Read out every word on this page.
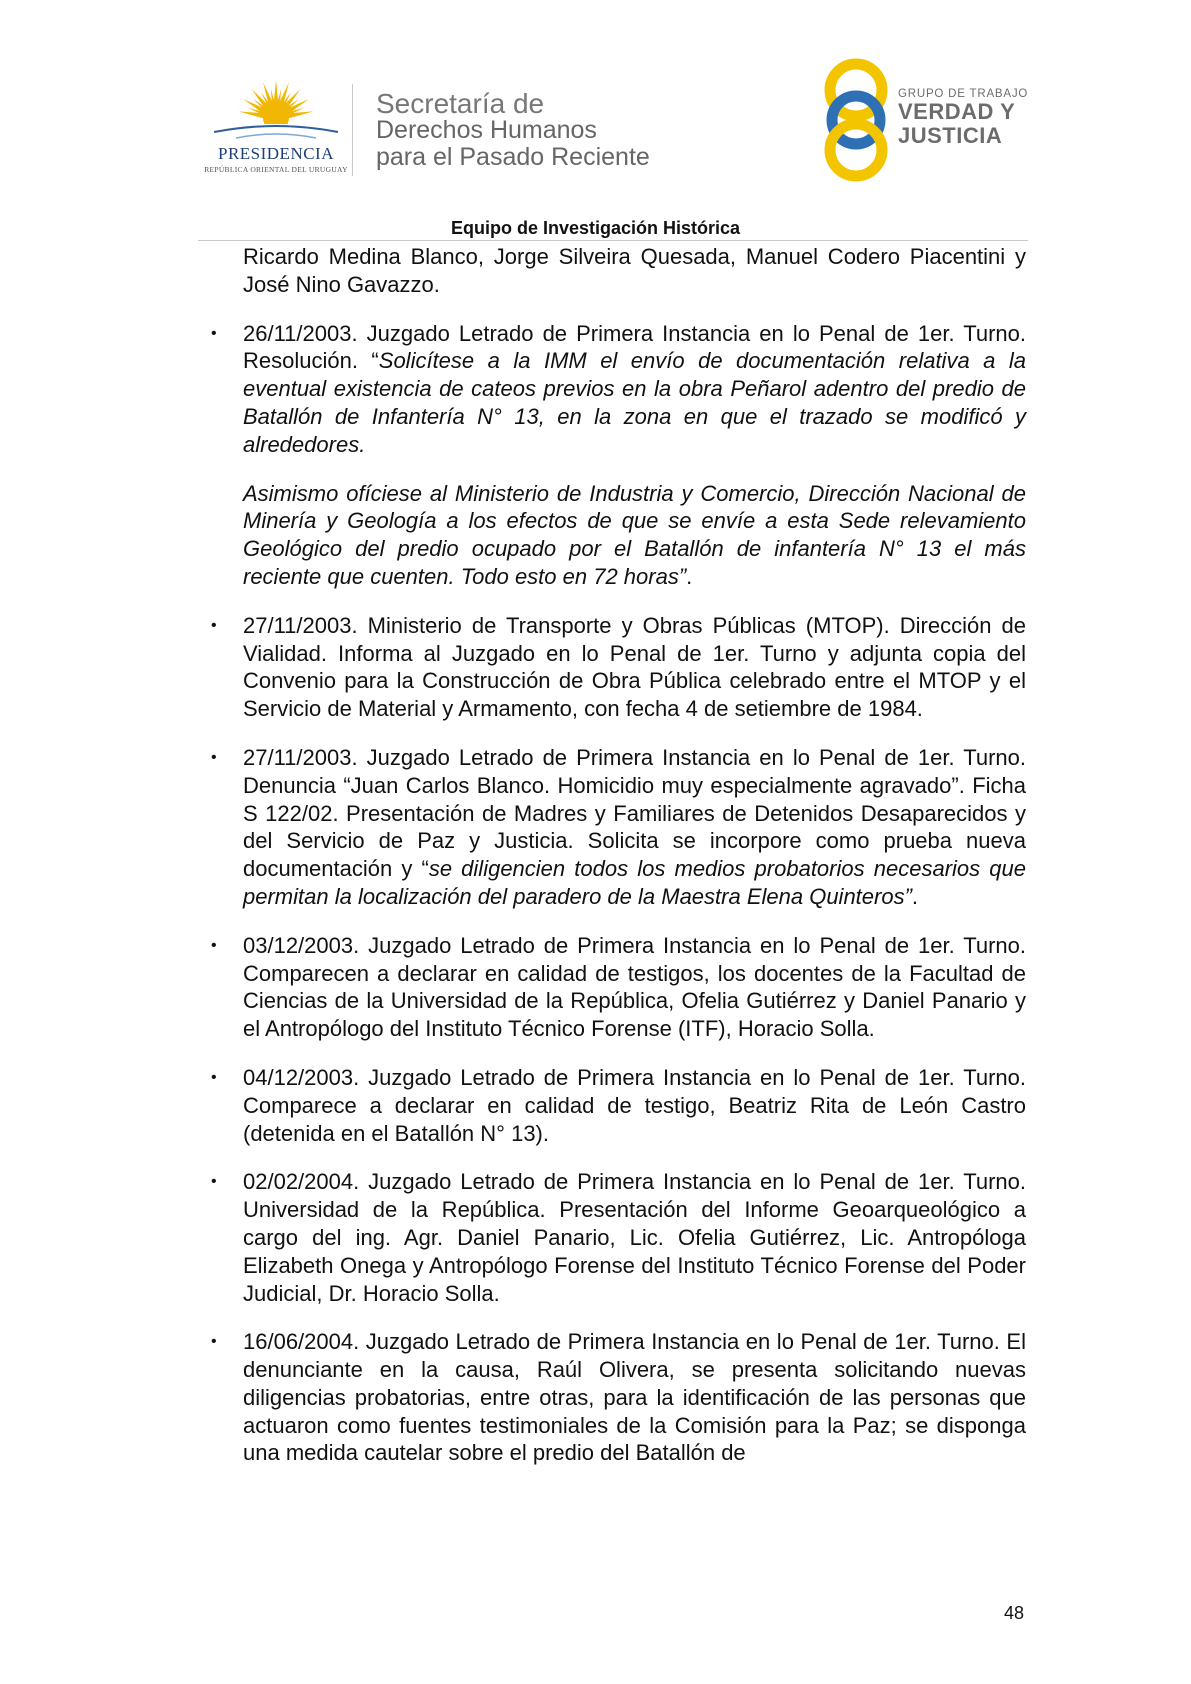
PRESIDENCIA
REPÚBLICA ORIENTAL DEL URUGUAY
Secretaría de
Derechos Humanos
para el Pasado Reciente
GRUPO DE TRABAJO
VERDAD Y
JUSTICIA
Equipo de Investigación Histórica

Ricardo Medina Blanco, Jorge Silveira Quesada, Manuel Codero Piacentini y José Nino Gavazzo.

• 26/11/2003. Juzgado Letrado de Primera Instancia en lo Penal de 1er. Turno. Resolución. “Solicítese a la IMM el envío de documentación relativa a la eventual existencia de cateos previos en la obra Peñarol adentro del predio de Batallón de Infantería N° 13, en la zona en que el trazado se modificó y alrededores.

Asimismo ofíciese al Ministerio de Industria y Comercio, Dirección Nacional de Minería y Geología a los efectos de que se envíe a esta Sede relevamiento Geológico del predio ocupado por el Batallón de infantería N° 13 el más reciente que cuenten. Todo esto en 72 horas”.

• 27/11/2003. Ministerio de Transporte y Obras Públicas (MTOP). Dirección de Vialidad. Informa al Juzgado en lo Penal de 1er. Turno y adjunta copia del Convenio para la Construcción de Obra Pública celebrado entre el MTOP y el Servicio de Material y Armamento, con fecha 4 de setiembre de 1984.

• 27/11/2003. Juzgado Letrado de Primera Instancia en lo Penal de 1er. Turno. Denuncia “Juan Carlos Blanco. Homicidio muy especialmente agravado”. Ficha S 122/02. Presentación de Madres y Familiares de Detenidos Desaparecidos y del Servicio de Paz y Justicia. Solicita se incorpore como prueba nueva documentación y “se diligencien todos los medios probatorios necesarios que permitan la localización del paradero de la Maestra Elena Quinteros”.

• 03/12/2003. Juzgado Letrado de Primera Instancia en lo Penal de 1er. Turno. Comparecen a declarar en calidad de testigos, los docentes de la Facultad de Ciencias de la Universidad de la República, Ofelia Gutiérrez y Daniel Panario y el Antropólogo del Instituto Técnico Forense (ITF), Horacio Solla.

• 04/12/2003. Juzgado Letrado de Primera Instancia en lo Penal de 1er. Turno. Comparece a declarar en calidad de testigo, Beatriz Rita de León Castro (detenida en el Batallón N° 13).

• 02/02/2004. Juzgado Letrado de Primera Instancia en lo Penal de 1er. Turno. Universidad de la República. Presentación del Informe Geoarqueológico a cargo del ing. Agr. Daniel Panario, Lic. Ofelia Gutiérrez, Lic. Antropóloga Elizabeth Onega y Antropólogo Forense del Instituto Técnico Forense del Poder Judicial, Dr. Horacio Solla.

• 16/06/2004. Juzgado Letrado de Primera Instancia en lo Penal de 1er. Turno. El denunciante en la causa, Raúl Olivera, se presenta solicitando nuevas diligencias probatorias, entre otras, para la identificación de las personas que actuaron como fuentes testimoniales de la Comisión para la Paz; se disponga una medida cautelar sobre el predio del Batallón de

48
